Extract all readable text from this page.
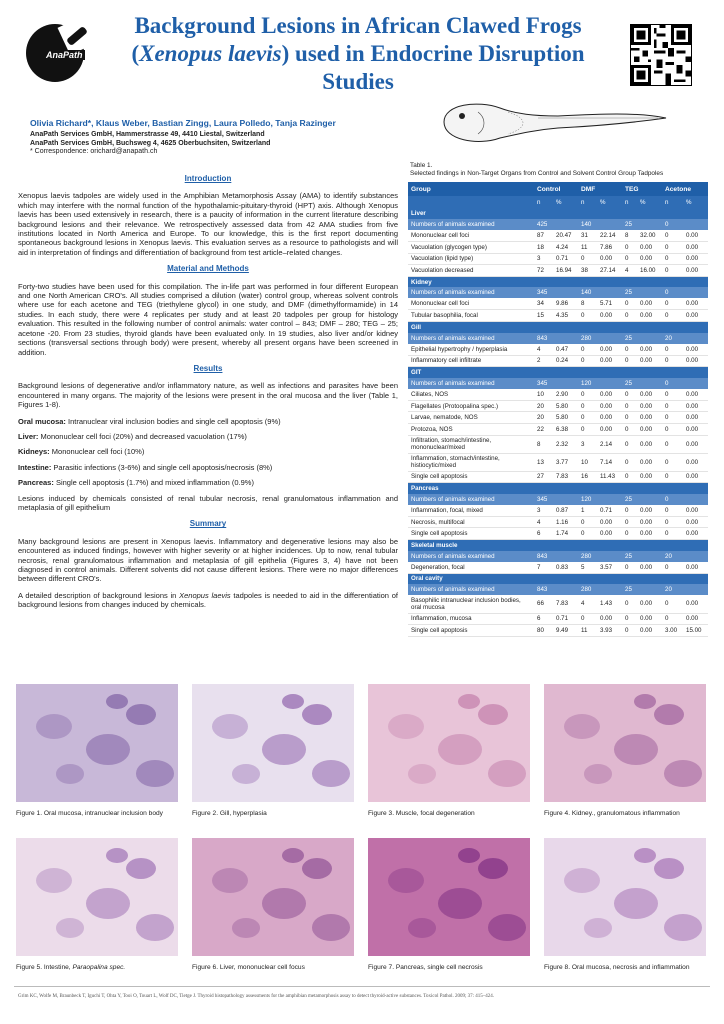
AnaPath
Background Lesions in African Clawed Frogs
(Xenopus laevis) used in Endocrine Disruption
Studies
Olivia Richard*, Klaus Weber, Bastian Zingg, Laura Polledo, Tanja Razinger
AnaPath Services GmbH, Hammerstrasse 49, 4410 Liestal, Switzerland
AnaPath Services GmbH, Buchsweg 4, 4625 Oberbuchsiten, Switzerland
* Correspondence: orichard@anapath.ch
Introduction

Xenopus laevis tadpoles are widely used in the Amphibian Metamorphosis Assay (AMA) to identify substances which may interfere with the normal function of the hypothalamic-pituitary-thyroid (HPT) axis. Although Xenopus laevis has been used extensively in research, there is a paucity of information in the current literature describing background lesions and their relevance. We retrospectively assessed data from 42 AMA studies from five institutions located in North America and Europe. To our knowledge, this is the first report documenting spontaneous background lesions in Xenopus laevis. This evaluation serves as a resource to pathologists and will aid in interpretation of findings and differentiation of background from test article–related changes.

Material and Methods

Forty-two studies have been used for this compilation. The in-life part was performed in four different European and one North American CRO's. All studies comprised a dilution (water) control group, whereas solvent controls where use for each acetone and TEG (triethylene glycol) in one study, and DMF (dimethylformamide) in 14 studies. In each study, there were 4 replicates per study and at least 20 tadpoles per group for histology evaluation. This resulted in the following number of control animals: water control – 843; DMF – 280; TEG – 25; acetone -20. From 23 studies, thyroid glands have been evaluated only. In 19 studies, also liver and/or kidney sections (transversal sections through body) were present, whereby all present organs have been screened in addition.

Results

Background lesions of degenerative and/or inflammatory nature, as well as infections and parasites have been encountered in many organs. The majority of the lesions were present in the oral mucosa and the liver (Table 1, Figures 1-8).

Oral mucosa: Intranuclear viral inclusion bodies and single cell apoptosis (9%)
Liver: Mononuclear cell foci (20%) and decreased vacuolation (17%)
Kidneys: Mononuclear cell foci (10%)
Intestine: Parasitic infections (3-6%) and single cell apoptosis/necrosis (8%)
Pancreas: Single cell apoptosis (1.7%) and mixed inflammation (0.9%)

Lesions induced by chemicals consisted of renal tubular necrosis, renal granulomatous inflammation and metaplasia of gill epithelium

Summary

Many background lesions are present in Xenopus laevis. Inflammatory and degenerative lesions may also be encountered as induced findings, however with higher severity or at higher incidences. Up to now, renal tubular necrosis, renal granulomatous inflammation and metaplasia of gill epithelia (Figures 3, 4) have not been diagnosed in control animals. Different solvents did not cause different lesions. There were no major differences between different CRO's.

A detailed description of background lesions in Xenopus laevis tadpoles is needed to aid in the differentiation of background lesions from changes induced by chemicals.

Table 1.
Selected findings in Non-Target Organs from Control and Solvent Control Group Tadpoles
Group	Control		DMF		TEG		Acetone	
	n	%	n	%	n	%	n	%
Liver								
Numbers of animals examined	425		140		25		0	
Mononuclear cell foci	87	20.47	31	22.14	8	32.00	0	0.00
Vacuolation (glycogen type)	18	4.24	11	7.86	0	0.00	0	0.00
Vacuolation (lipid type)	3	0.71	0	0.00	0	0.00	0	0.00
Vacuolation decreased	72	16.94	38	27.14	4	16.00	0	0.00
Kidney								
Numbers of animals examined	345		140		25		0	
Mononuclear cell foci	34	9.86	8	5.71	0	0.00	0	0.00
Tubular basophilia, focal	15	4.35	0	0.00	0	0.00	0	0.00
Gill								
Numbers of animals examined	843		280		25		20	
Epithelial hypertrophy / hyperplasia	4	0.47	0	0.00	0	0.00	0	0.00
Inflammatory cell infiltrate	2	0.24	0	0.00	0	0.00	0	0.00
GIT								
Numbers of animals examined	345		120		25		0	
Ciliates, NOS	10	2.90	0	0.00	0	0.00	0	0.00
Flagellates (Protoopalina spec.)	20	5.80	0	0.00	0	0.00	0	0.00
Larvae, nematode, NOS	20	5.80	0	0.00	0	0.00	0	0.00
Protozoa, NOS	22	6.38	0	0.00	0	0.00	0	0.00
Infiltration, stomach/intestine, mononuclear/mixed	8	2.32	3	2.14	0	0.00	0	0.00
Inflammation, stomach/intestine, histiocytic/mixed	13	3.77	10	7.14	0	0.00	0	0.00
Single cell apoptosis	27	7.83	16	11.43	0	0.00	0	0.00
Pancreas								
Numbers of animals examined	345		120		25		0	
Inflammation, focal, mixed	3	0.87	1	0.71	0	0.00	0	0.00
Necrosis, multifocal	4	1.16	0	0.00	0	0.00	0	0.00
Single cell apoptosis	6	1.74	0	0.00	0	0.00	0	0.00
Skeletal muscle								
Numbers of animals examined	843		280		25		20	
Degeneration, focal	7	0.83	5	3.57	0	0.00	0	0.00
Oral cavity								
Numbers of animals examined	843		280		25		20	
Basophilic intranuclear inclusion bodies, oral mucosa	66	7.83	4	1.43	0	0.00	0	0.00
Inflammation, mucosa	6	0.71	0	0.00	0	0.00	0	0.00
Single cell apoptosis	80	9.49	11	3.93	0	0.00	3.00	15.00
Figure 1. Oral mucosa, intranuclear inclusion body	Figure 2. Gill, hyperplasia	Figure 3. Muscle, focal degeneration	Figure 4. Kidney., granulomatous inflammation
Figure 5. Intestine, Paraopalina spec.	Figure 6. Liver, mononuclear cell focus	Figure 7. Pancreas, single cell necrosis	Figure 8. Oral mucosa, necrosis and inflammation
Grim KC, Wolfe M, Braunbeck T, Iguchi T, Ohta Y, Tooi O, Touart L, Wolf DC, Tietge J. Thyroid histopathology assessments for the amphibian metamorphosis assay to detect thyroid-active substances. Toxicol Pathol. 2009; 37: 415–424.
